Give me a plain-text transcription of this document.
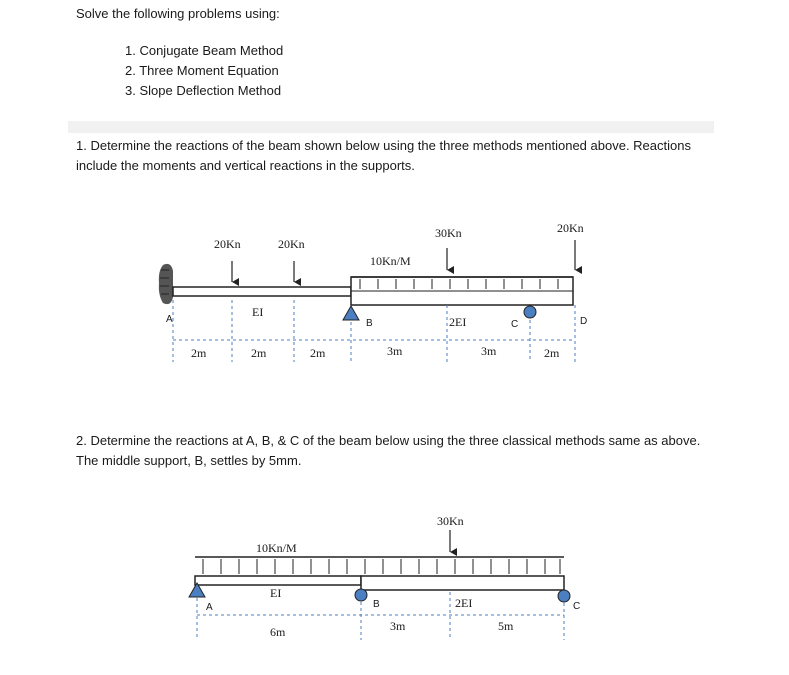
Solve the following problems using:
1. Conjugate Beam Method
2. Three Moment Equation
3. Slope Deflection Method
1. Determine the reactions of the beam shown below using the three methods mentioned above. Reactions include the moments and vertical reactions in the supports.
2. Determine the reactions at A, B, & C of the beam below using the three classical methods same as above. The middle support, B, settles by 5mm.
20Kn	20Kn
30Kn	20Kn
10Kn/M
A	B	C	D
EI
2EI
2m	2m	2m	3m	3m	2m
30Kn
10Kn/M
A	B	C
EI
2EI
6m	3m	5m
